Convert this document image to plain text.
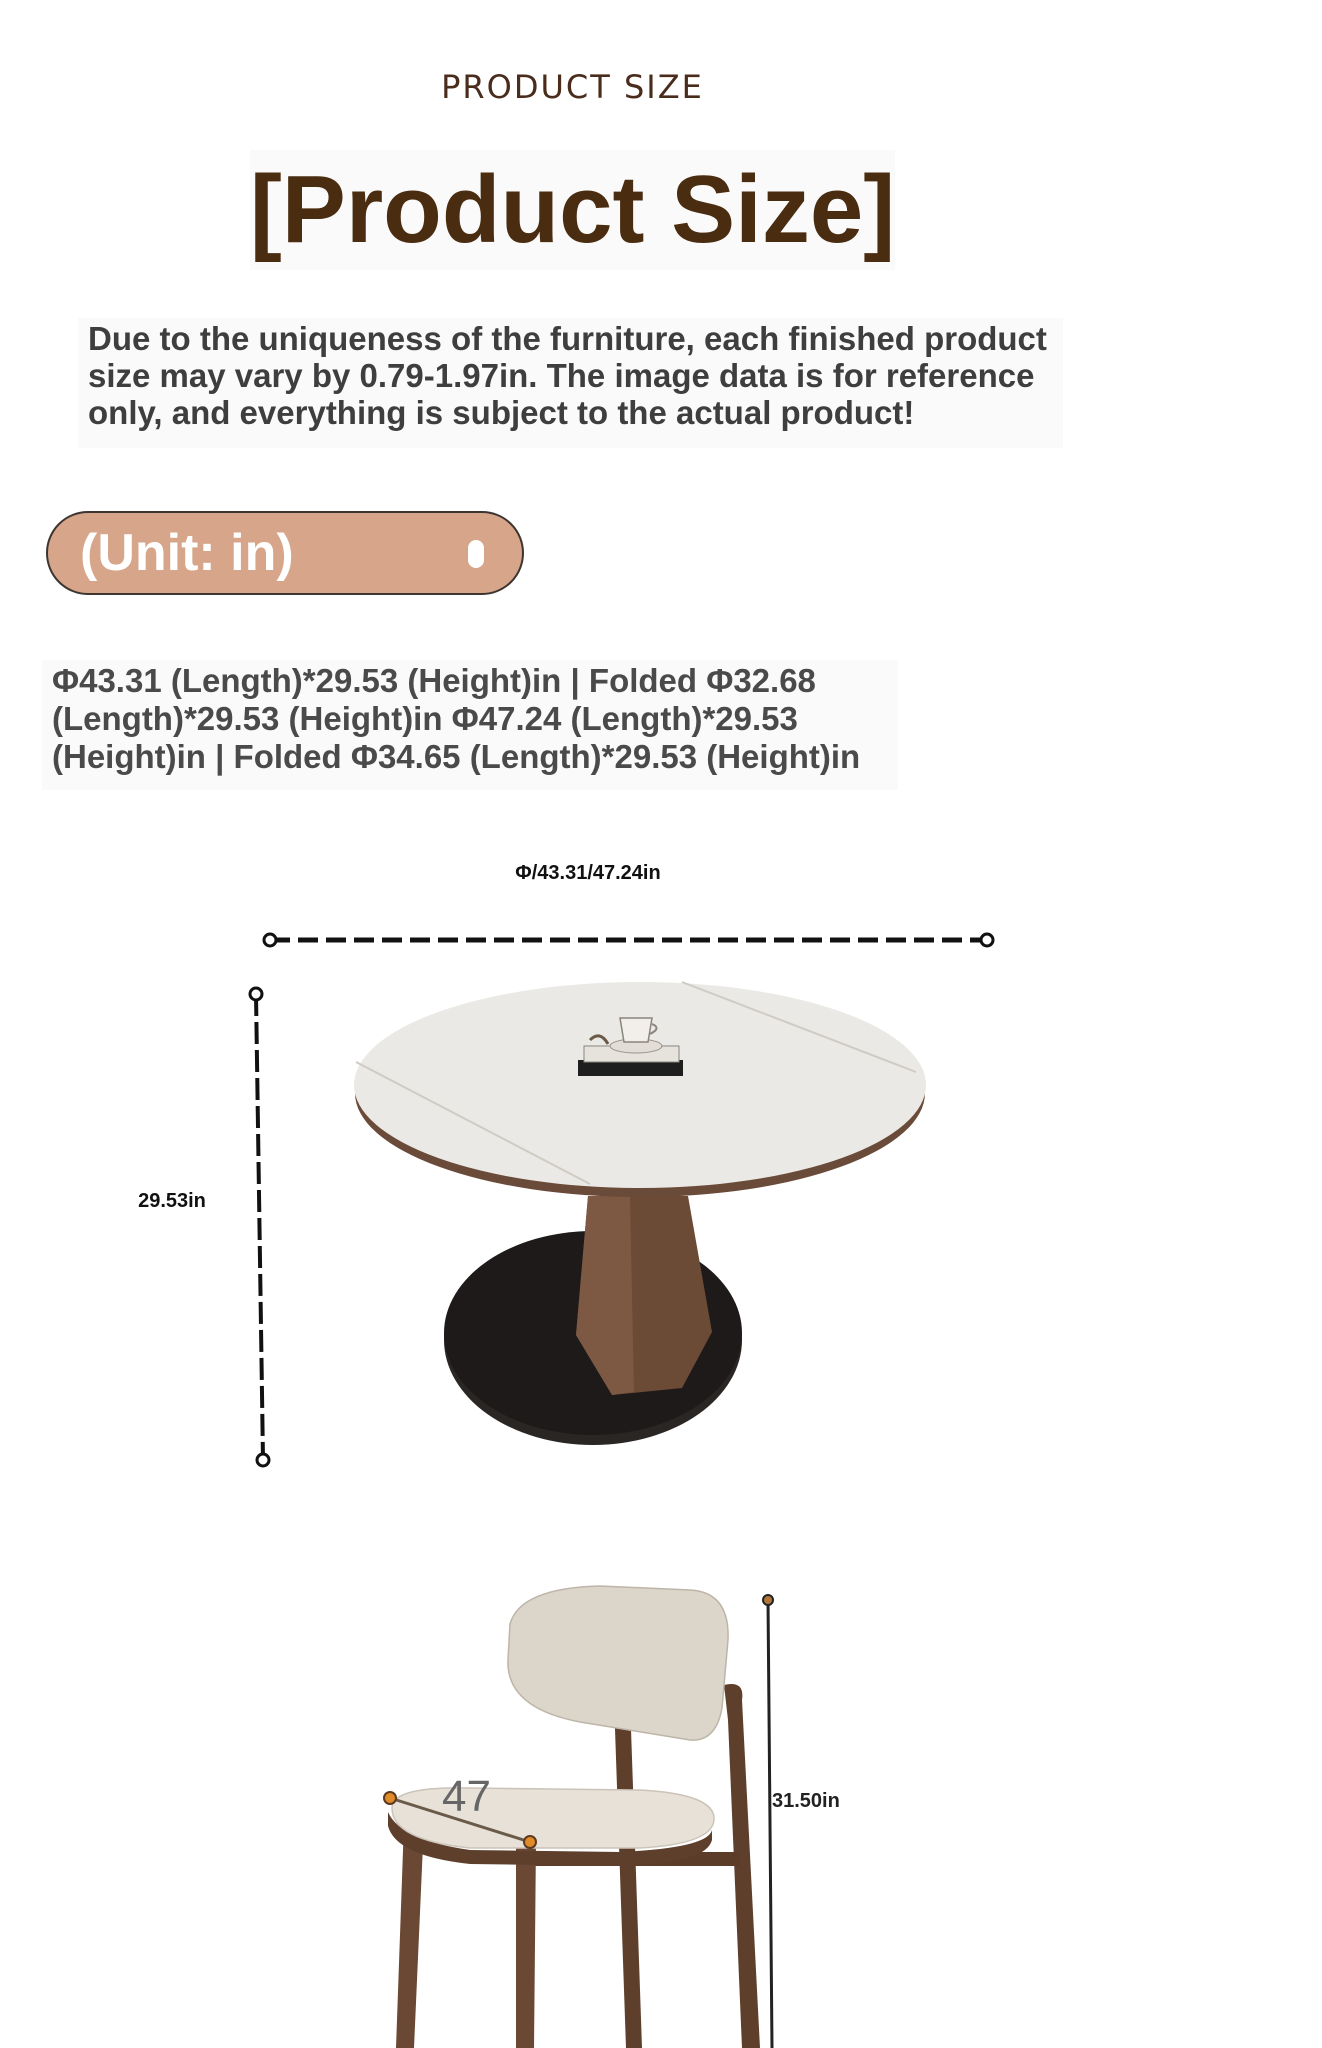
PRODUCT SIZE
[Product Size]
Due to the uniqueness of the furniture, each finished product size may vary by 0.79-1.97in. The image data is for reference only, and everything is subject to the actual product!
(Unit: in)
Φ43.31 (Length)*29.53 (Height)in | Folded Φ32.68 (Length)*29.53 (Height)in Φ47.24 (Length)*29.53 (Height)in | Folded Φ34.65 (Length)*29.53 (Height)in
Φ/43.31/47.24in
29.53in
31.50in
47
